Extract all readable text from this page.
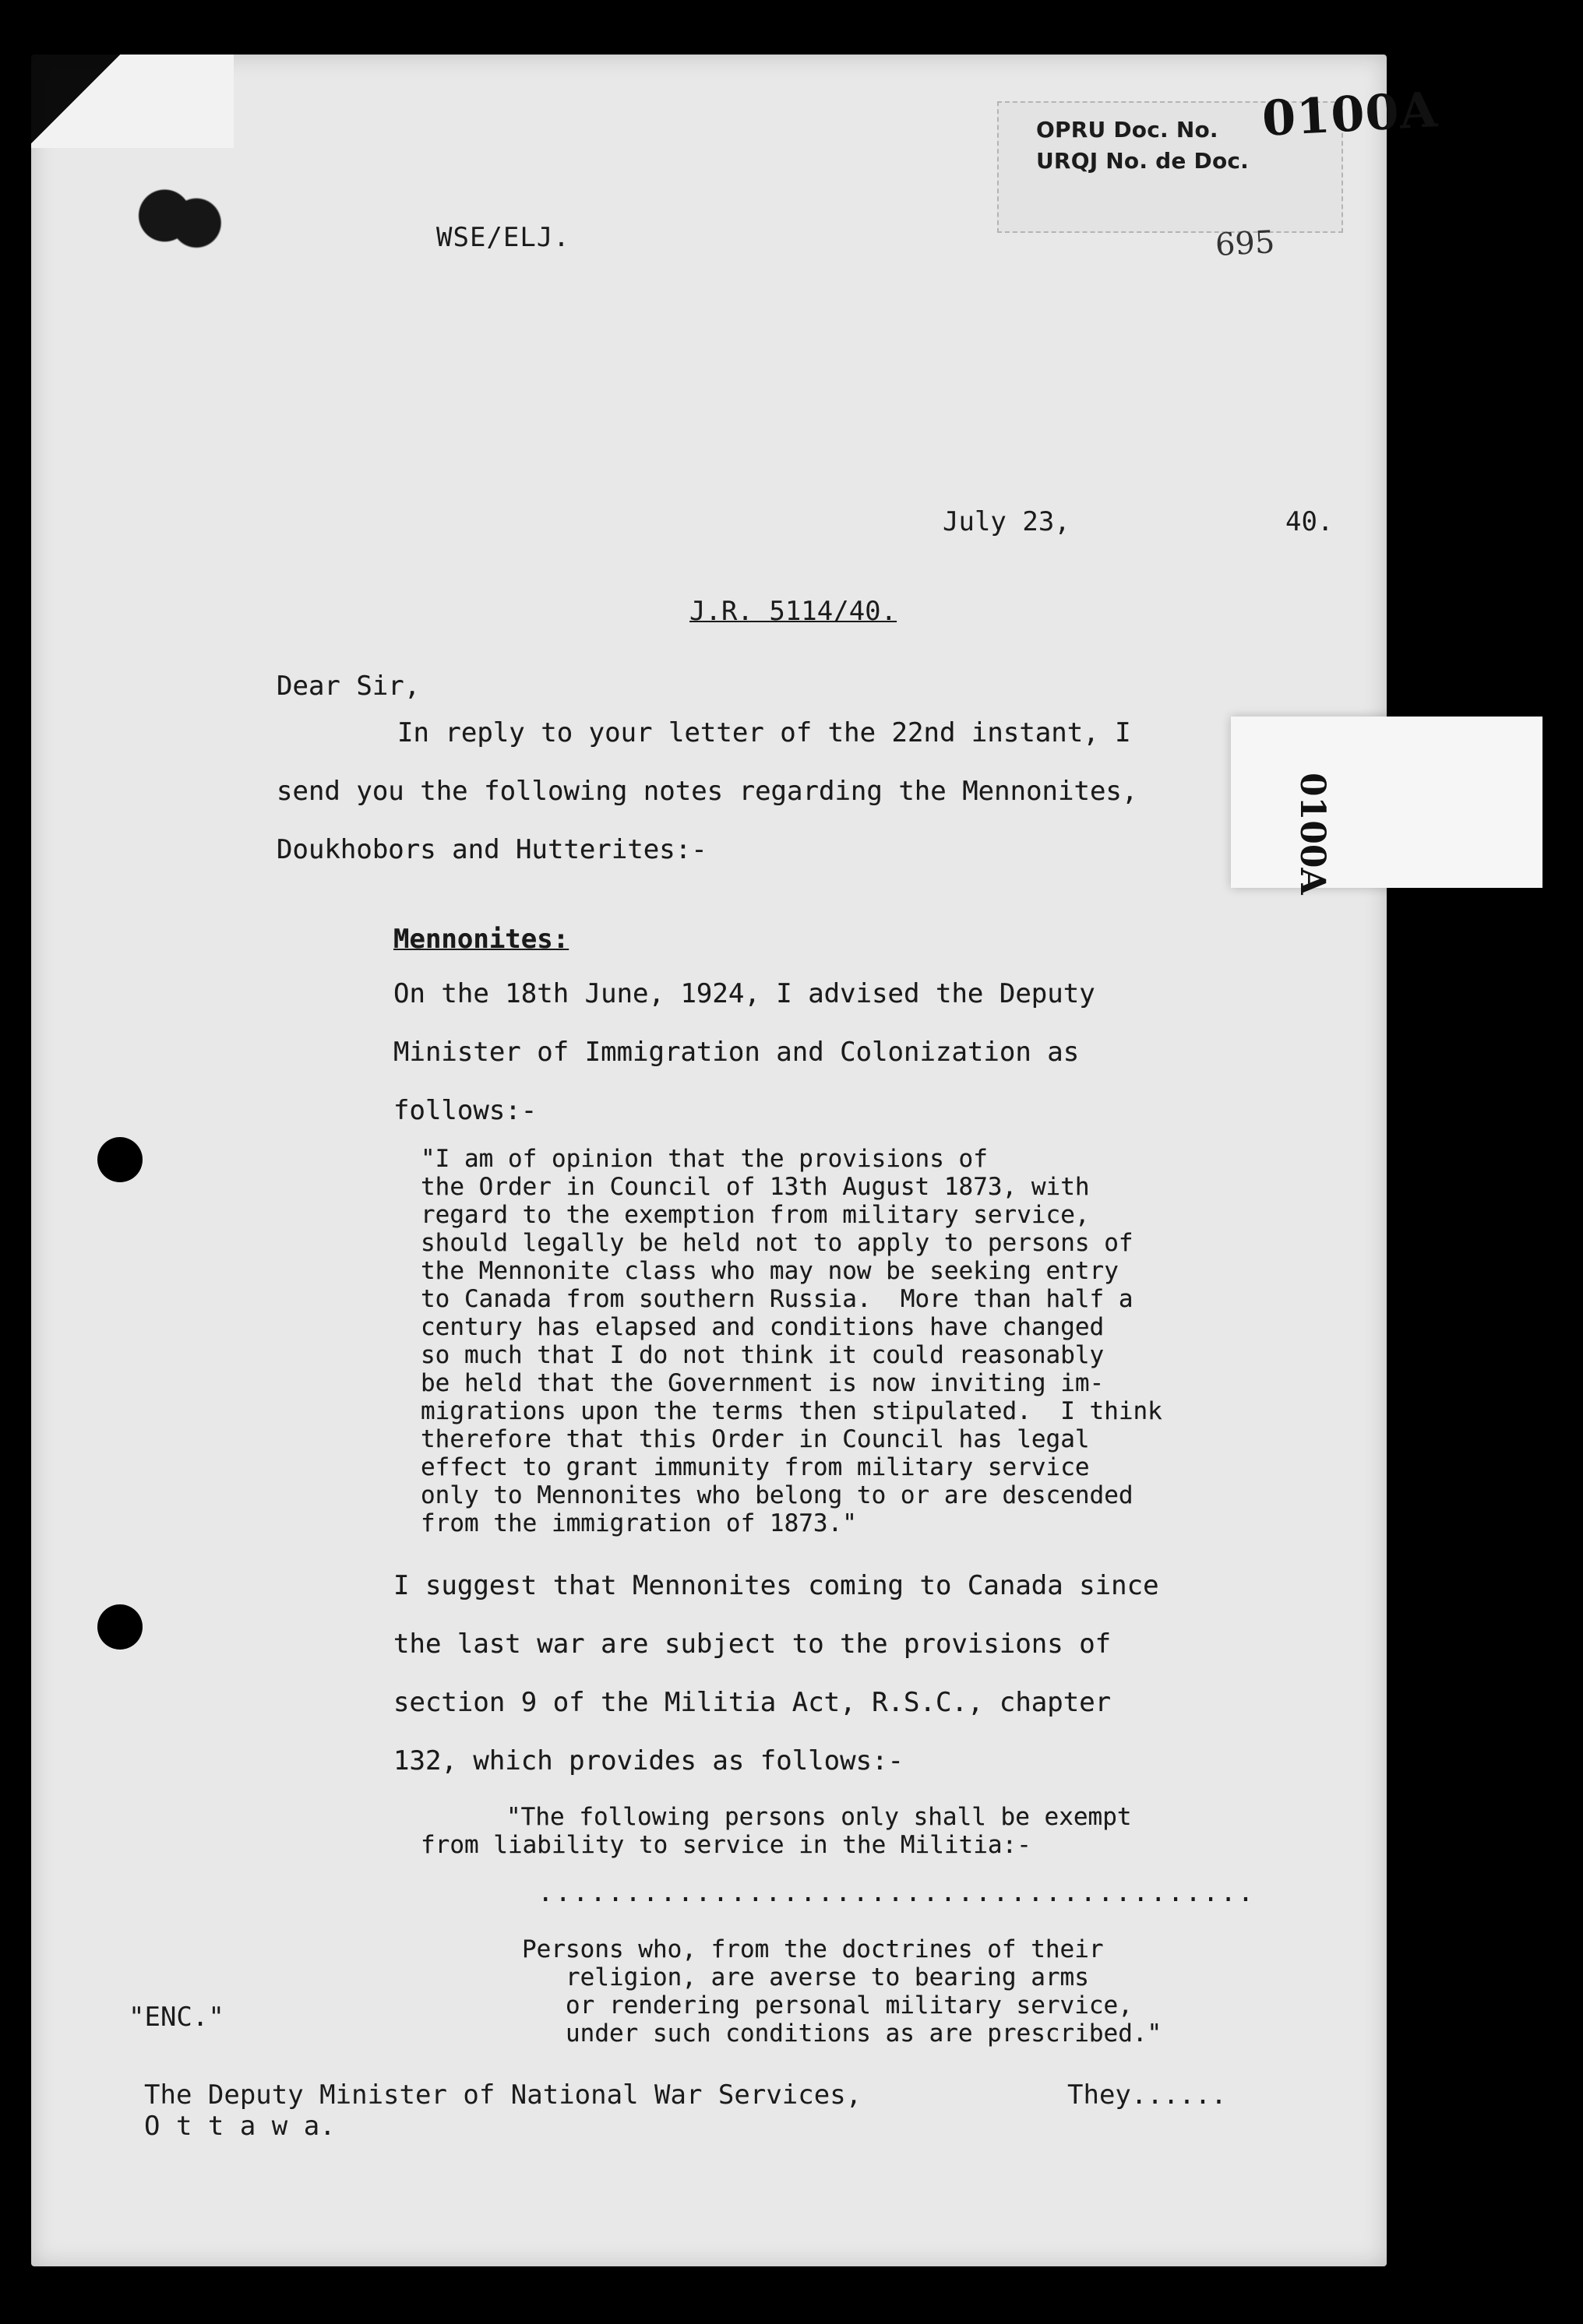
OPRU Doc. No.
URQJ No. de Doc.
0100A
695
WSE/ELJ.
July 23,	40.
J.R. 5114/40.
Dear Sir,
In reply to your letter of the 22nd instant, I
send you the following notes regarding the Mennonites,
Doukhobors and Hutterites:-
Mennonites:
On the 18th June, 1924, I advised the Deputy
Minister of Immigration and Colonization as
follows:-
"I am of opinion that the provisions of
the Order in Council of 13th August 1873, with
regard to the exemption from military service,
should legally be held not to apply to persons of
the Mennonite class who may now be seeking entry
to Canada from southern Russia.  More than half a
century has elapsed and conditions have changed
so much that I do not think it could reasonably
be held that the Government is now inviting im-
migrations upon the terms then stipulated.  I think
therefore that this Order in Council has legal
effect to grant immunity from military service
only to Mennonites who belong to or are descended
from the immigration of 1873."
I suggest that Mennonites coming to Canada since
the last war are subject to the provisions of
section 9 of the Militia Act, R.S.C., chapter
132, which provides as follows:-
"The following persons only shall be exempt
from liability to service in the Militia:-
.........................................
Persons who, from the doctrines of their
religion, are averse to bearing arms
or rendering personal military service,
under such conditions as are prescribed."
"ENC."
The Deputy Minister of National War Services,
O t t a w a.
They......
0100A
